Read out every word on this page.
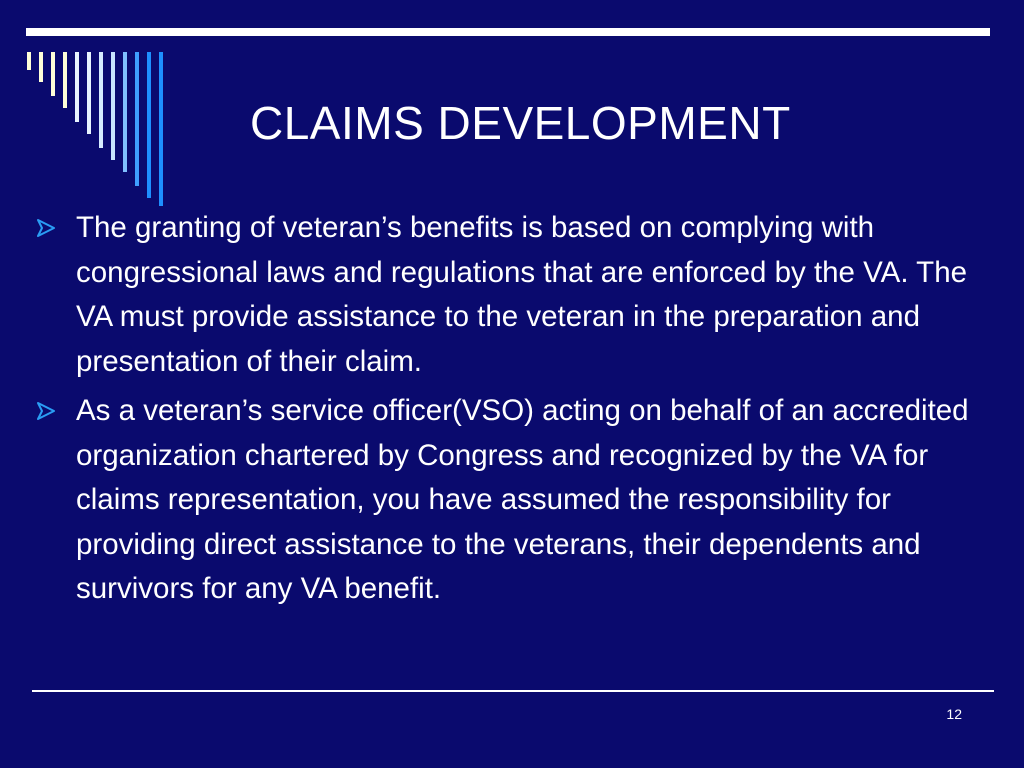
CLAIMS DEVELOPMENT
The granting of veteran’s benefits is based on complying with congressional laws and regulations that are enforced by the VA. The VA must provide assistance to the veteran in the preparation and presentation of their claim.
As a veteran’s service officer(VSO) acting on behalf of an accredited organization chartered by Congress and recognized by the VA for claims representation, you have assumed the responsibility for providing direct assistance to the veterans, their dependents and survivors for any VA benefit.
12
